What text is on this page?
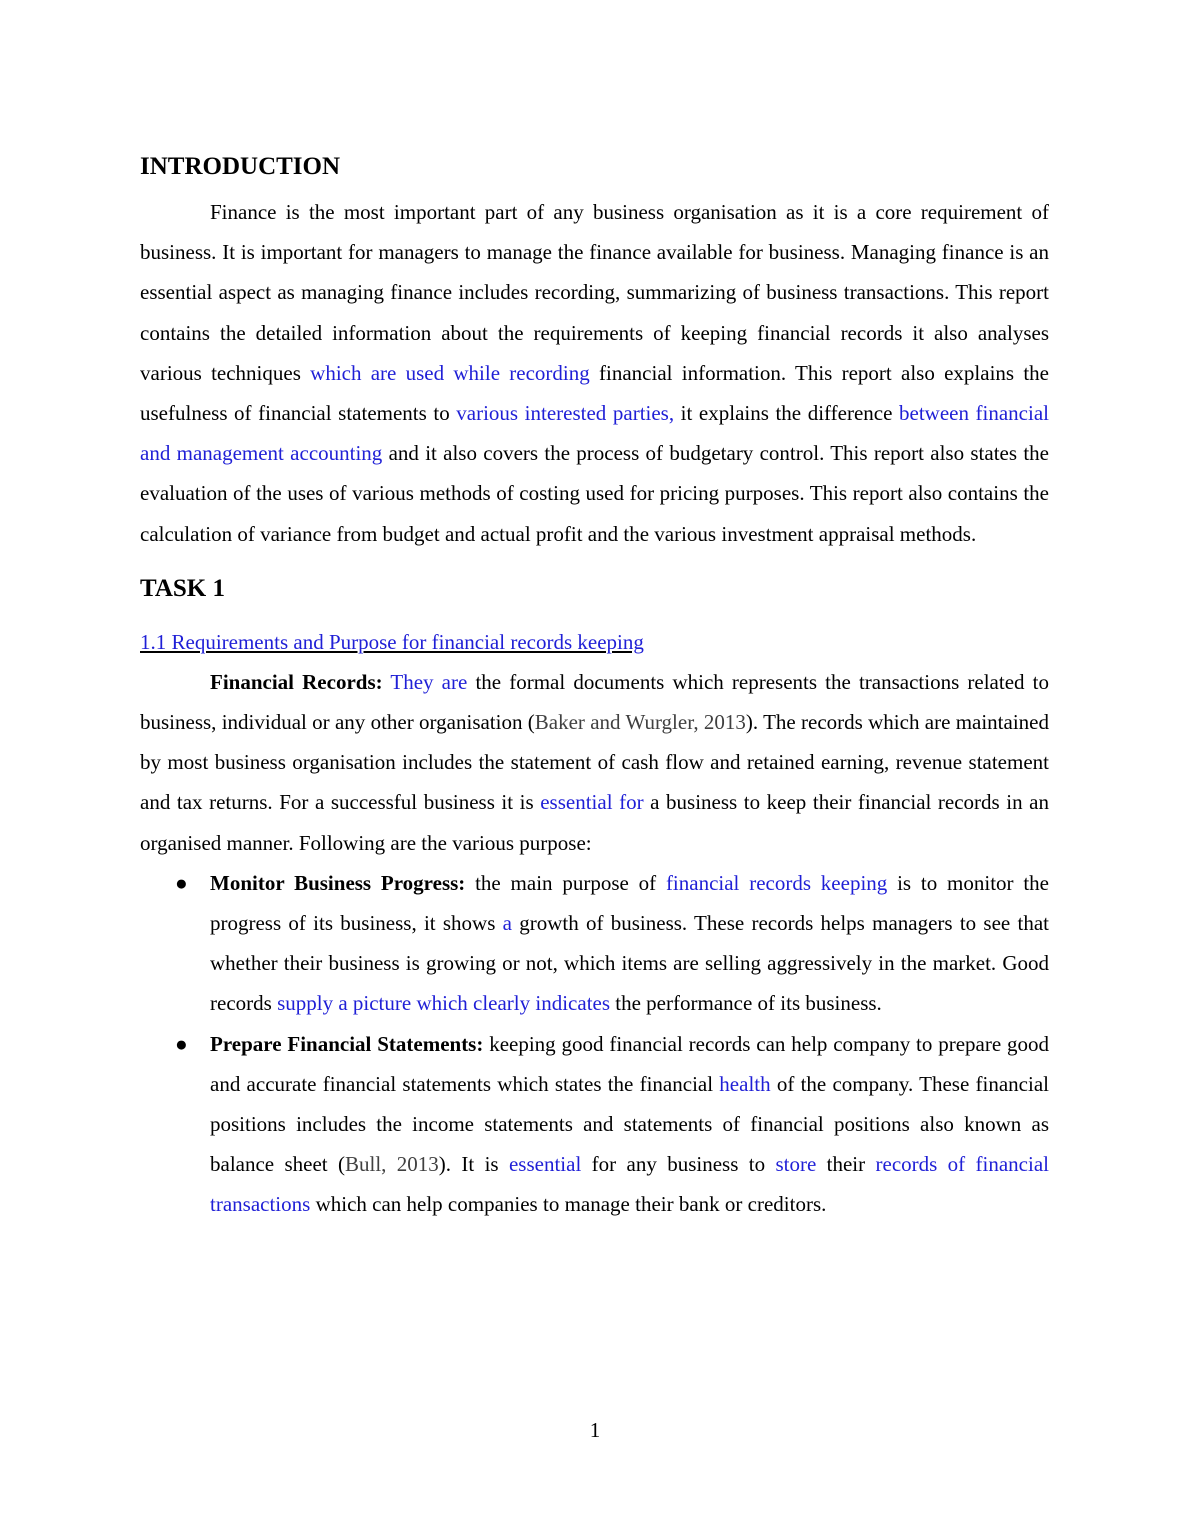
INTRODUCTION

Finance is the most important part of any business organisation as it is a core requirement of business. It is important for managers to manage the finance available for business. Managing finance is an essential aspect as managing finance includes recording, summarizing of business transactions. This report contains the detailed information about the requirements of keeping financial records it also analyses various techniques which are used while recording financial information. This report also explains the usefulness of financial statements to various interested parties, it explains the difference between financial and management accounting and it also covers the process of budgetary control. This report also states the evaluation of the uses of various methods of costing used for pricing purposes. This report also contains the calculation of variance from budget and actual profit and the various investment appraisal methods.

TASK 1

1.1 Requirements and Purpose for financial records keeping

Financial Records: They are the formal documents which represents the transactions related to business, individual or any other organisation (Baker and Wurgler, 2013). The records which are maintained by most business organisation includes the statement of cash flow and retained earning, revenue statement and tax returns. For a successful business it is essential for a business to keep their financial records in an organised manner. Following are the various purpose:

● Monitor Business Progress: the main purpose of financial records keeping is to monitor the progress of its business, it shows a growth of business. These records helps managers to see that whether their business is growing or not, which items are selling aggressively in the market. Good records supply a picture which clearly indicates the performance of its business.
● Prepare Financial Statements: keeping good financial records can help company to prepare good and accurate financial statements which states the financial health of the company. These financial positions includes the income statements and statements of financial positions also known as balance sheet (Bull, 2013). It is essential for any business to store their records of financial transactions which can help companies to manage their bank or creditors.
1
